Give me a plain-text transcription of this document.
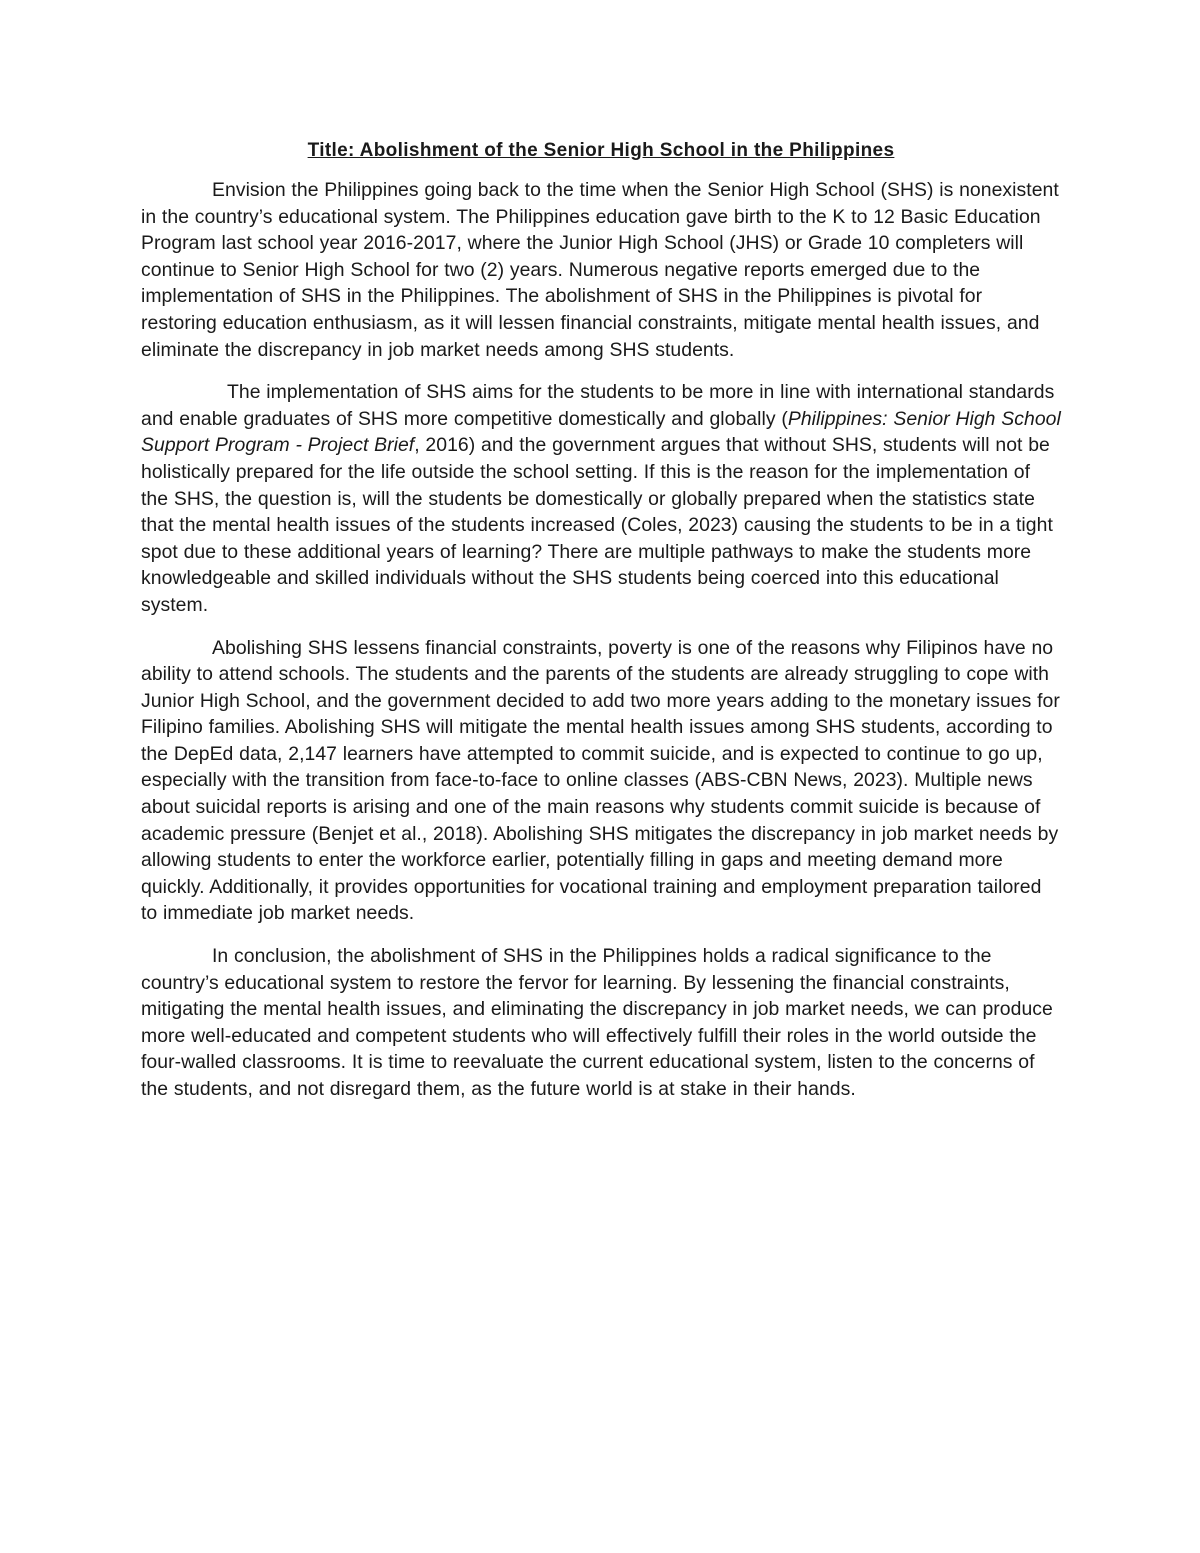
Title: Abolishment of the Senior High School in the Philippines

Envision the Philippines going back to the time when the Senior High School (SHS) is nonexistent in the country’s educational system. The Philippines education gave birth to the K to 12 Basic Education Program last school year 2016-2017, where the Junior High School (JHS) or Grade 10 completers will continue to Senior High School for two (2) years. Numerous negative reports emerged due to the implementation of SHS in the Philippines. The abolishment of SHS in the Philippines is pivotal for restoring education enthusiasm, as it will lessen financial constraints, mitigate mental health issues, and eliminate the discrepancy in job market needs among SHS students.

The implementation of SHS aims for the students to be more in line with international standards and enable graduates of SHS more competitive domestically and globally (Philippines: Senior High School Support Program - Project Brief, 2016) and the government argues that without SHS, students will not be holistically prepared for the life outside the school setting. If this is the reason for the implementation of the SHS, the question is, will the students be domestically or globally prepared when the statistics state that the mental health issues of the students increased (Coles, 2023) causing the students to be in a tight spot due to these additional years of learning? There are multiple pathways to make the students more knowledgeable and skilled individuals without the SHS students being coerced into this educational system.

Abolishing SHS lessens financial constraints, poverty is one of the reasons why Filipinos have no ability to attend schools. The students and the parents of the students are already struggling to cope with Junior High School, and the government decided to add two more years adding to the monetary issues for Filipino families. Abolishing SHS will mitigate the mental health issues among SHS students, according to the DepEd data, 2,147 learners have attempted to commit suicide, and is expected to continue to go up, especially with the transition from face-to-face to online classes (ABS-CBN News, 2023). Multiple news about suicidal reports is arising and one of the main reasons why students commit suicide is because of academic pressure (Benjet et al., 2018). Abolishing SHS mitigates the discrepancy in job market needs by allowing students to enter the workforce earlier, potentially filling in gaps and meeting demand more quickly. Additionally, it provides opportunities for vocational training and employment preparation tailored to immediate job market needs.

In conclusion, the abolishment of SHS in the Philippines holds a radical significance to the country’s educational system to restore the fervor for learning. By lessening the financial constraints, mitigating the mental health issues, and eliminating the discrepancy in job market needs, we can produce more well-educated and competent students who will effectively fulfill their roles in the world outside the four-walled classrooms. It is time to reevaluate the current educational system, listen to the concerns of the students, and not disregard them, as the future world is at stake in their hands.
